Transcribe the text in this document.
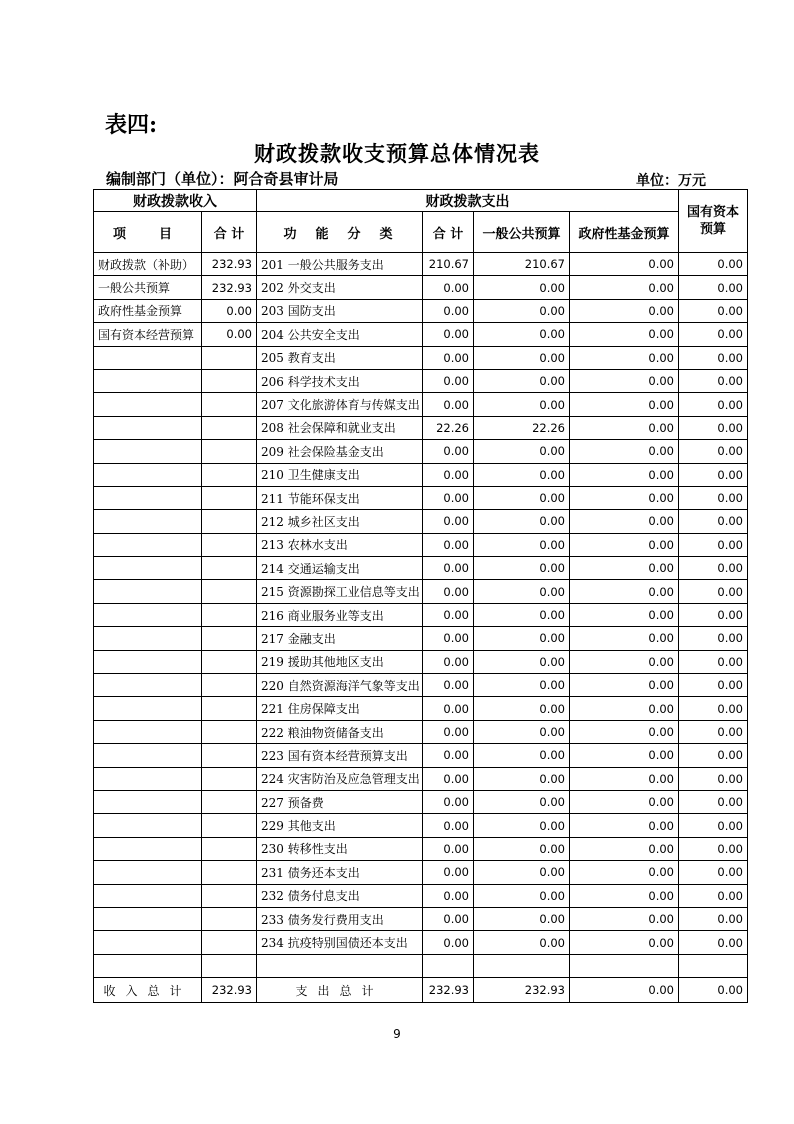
表四:
财政拨款收支预算总体情况表
编制部门（单位）：阿合奇县审计局	单位：万元
财政拨款收入		财政拨款支出				国有资本预算
项　目	合 计	功　能　分　类	合 计	一般公共预算	政府性基金预算	
财政拨款（补助）	232.93	201 一般公共服务支出	210.67	210.67	0.00	0.00
一般公共预算	232.93	202 外交支出	0.00	0.00	0.00	0.00
政府性基金预算	0.00	203 国防支出	0.00	0.00	0.00	0.00
国有资本经营预算	0.00	204 公共安全支出	0.00	0.00	0.00	0.00
		205 教育支出	0.00	0.00	0.00	0.00
		206 科学技术支出	0.00	0.00	0.00	0.00
		207 文化旅游体育与传媒支出	0.00	0.00	0.00	0.00
		208 社会保障和就业支出	22.26	22.26	0.00	0.00
		209 社会保险基金支出	0.00	0.00	0.00	0.00
		210 卫生健康支出	0.00	0.00	0.00	0.00
		211 节能环保支出	0.00	0.00	0.00	0.00
		212 城乡社区支出	0.00	0.00	0.00	0.00
		213 农林水支出	0.00	0.00	0.00	0.00
		214 交通运输支出	0.00	0.00	0.00	0.00
		215 资源勘探工业信息等支出	0.00	0.00	0.00	0.00
		216 商业服务业等支出	0.00	0.00	0.00	0.00
		217 金融支出	0.00	0.00	0.00	0.00
		219 援助其他地区支出	0.00	0.00	0.00	0.00
		220 自然资源海洋气象等支出	0.00	0.00	0.00	0.00
		221 住房保障支出	0.00	0.00	0.00	0.00
		222 粮油物资储备支出	0.00	0.00	0.00	0.00
		223 国有资本经营预算支出	0.00	0.00	0.00	0.00
		224 灾害防治及应急管理支出	0.00	0.00	0.00	0.00
		227 预备费	0.00	0.00	0.00	0.00
		229 其他支出	0.00	0.00	0.00	0.00
		230 转移性支出	0.00	0.00	0.00	0.00
		231 债务还本支出	0.00	0.00	0.00	0.00
		232 债务付息支出	0.00	0.00	0.00	0.00
		233 债务发行费用支出	0.00	0.00	0.00	0.00
		234 抗疫特别国债还本支出	0.00	0.00	0.00	0.00

收入总计	232.93	支出总计	232.93	232.93	0.00	0.00
9
